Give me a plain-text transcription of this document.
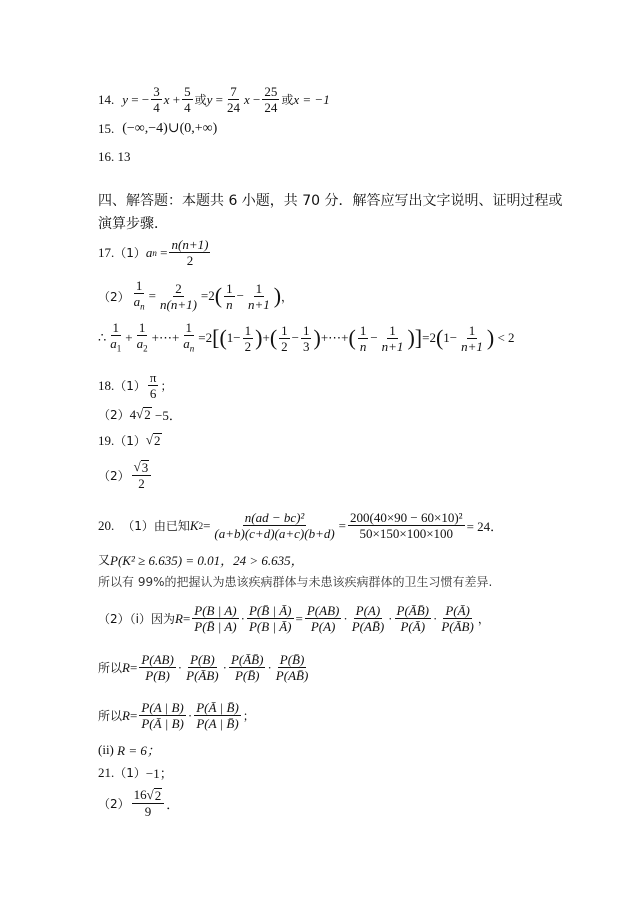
14. y
=
− $\frac{3}{4}$ x
+ $\frac{5}{4}$ 或 y
= $\frac{7}{24}$ x
− $\frac{25}{24}$ 或 x = −1
15. (−∞,−4)∪(0,+∞)
16. 13
四、解答题：本题共 6 小题，共 70 分．解答应写出文字说明、证明过程或演算步骤．
17. （1） a n
= $\frac{n(n+1)}{2}$
$(2) \frac{1}{a_n} = \frac{2}{n(n+1)} = 2$ ( $\frac{1}{n} - \frac{1}{n+1}$ ) ，
∴ $\frac{1}{a_1} + \frac{1}{a_2}$ +⋯+ $\frac{1}{a_n} = 2$ [ ( $1 - \frac{1}{2}$ ) + ( $\frac{1}{2} - \frac{1}{3}$ ) +⋯+ ( $\frac{1}{n} - \frac{1}{n+1}$ ) ] = 2 ( $1 - \frac{1}{n+1}$ )
< 2
18. $(1) \frac{\pi}{6}$ ；
（2） 4 √ 2
−5．
19. （1） √ 2
$(2) \frac{√ 3}{2}$
20. （1）由已知 K $2 = \frac{\text{n(ad − bc)²}}{(a+b)(c+d)(a+c)(b+d)} = \frac{\text{200(40×90 − 60×10)²}}{50\times 150\times 100\times 100} = 24$．
又 P(K² ≥ 6.635) = 0.01，24 > 6.635，
所以有 99%的把握认为患该疾病群体与未患该疾病群体的卫生习惯有差异.
（2）（i）因为 $R = \frac{P(B | A)}{P(B̄ | A)} \cdot \frac{P(B̄ | Ā)}{P(B | Ā)} = \frac{P(AB)}{P(A)} \cdot \frac{P(A)}{P(AB̄)} \cdot \frac{P(ĀB̄)}{P(Ā)} \cdot \frac{P(Ā)}{P(ĀB)}$ ，
所以 $R = \frac{P(AB)}{P(B)} \cdot \frac{P(B)}{P(ĀB)} \cdot \frac{P(ĀB̄)}{P(B̄)} \cdot \frac{P(B̄)}{P(AB̄)}$
所以 $R = \frac{P(A | B)}{P(Ā | B)} \cdot \frac{P(Ā | B̄)}{P(A | B̄)}$ ；
(ii)
R = 6；
21. （1） −1；
$(2) \frac{16 √ 2}{9}$ ．
